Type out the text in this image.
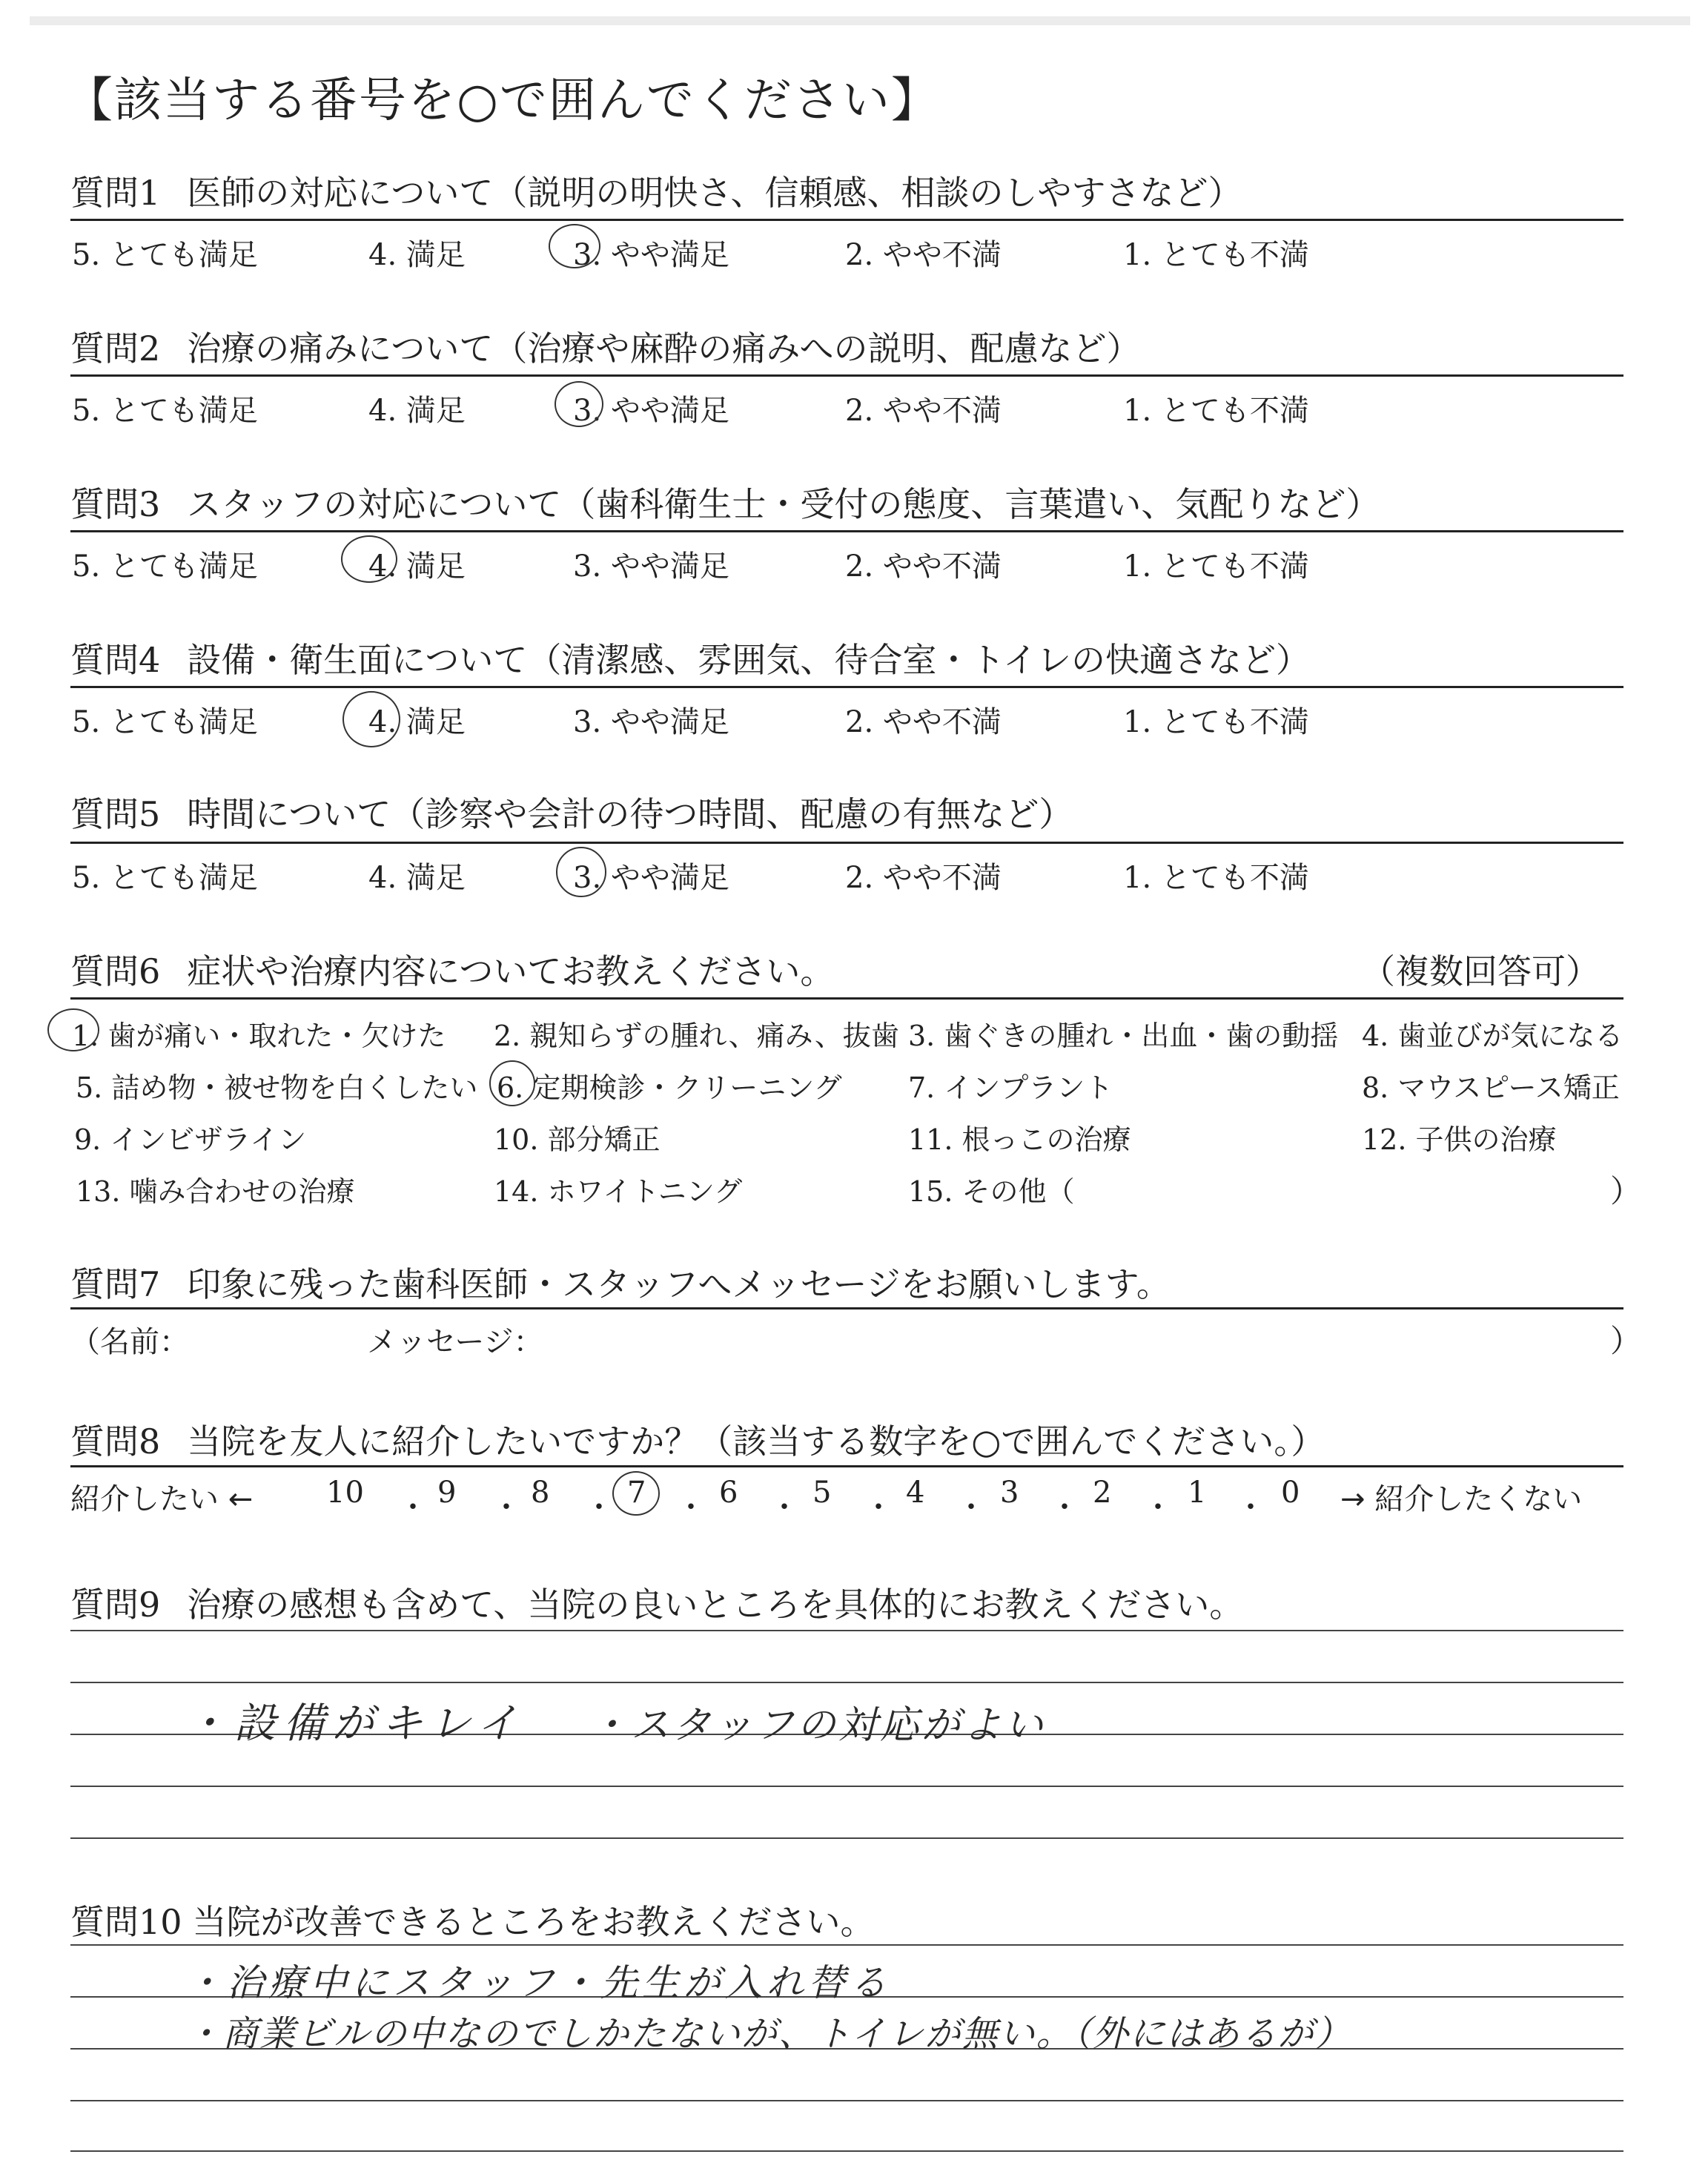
【該当する番号を○で囲んでください】
質問1 医師の対応について（説明の明快さ、信頼感、相談のしやすさなど）
5. とても満足	4. 満足	3. やや満足	2. やや不満	1. とても不満
質問2 治療の痛みについて（治療や麻酔の痛みへの説明、配慮など）
5. とても満足	4. 満足	3. やや満足	2. やや不満	1. とても不満
質問3 スタッフの対応について（歯科衛生士・受付の態度、言葉遣い、気配りなど）
5. とても満足	4. 満足	3. やや満足	2. やや不満	1. とても不満
質問4 設備・衛生面について（清潔感、雰囲気、待合室・トイレの快適さなど）
5. とても満足	4. 満足	3. やや満足	2. やや不満	1. とても不満
質問5 時間について（診察や会計の待つ時間、配慮の有無など）
5. とても満足	4. 満足	3. やや満足	2. やや不満	1. とても不満
質問6 症状や治療内容についてお教えください。	（複数回答可）
1. 歯が痛い・取れた・欠けた 2. 親知らずの腫れ、痛み、抜歯 3. 歯ぐきの腫れ・出血・歯の動揺 4. 歯並びが気になる
5. 詰め物・被せ物を白くしたい 6. 定期検診・クリーニング 7. インプラント	8. マウスピース矯正
9. インビザライン	10. 部分矯正	11. 根っこの治療	12. 子供の治療
13. 噛み合わせの治療	14. ホワイトニング	15. その他（	）
質問7 印象に残った歯科医師・スタッフへメッセージをお願いします。
（名前：	メッセージ：	）
質問8 当院を友人に紹介したいですか？（該当する数字を○で囲んでください。）
紹介したい ← 10 ・ 9 ・ 8 ・ 7 ・ 6 ・ 5 ・ 4 ・ 3 ・ 2 ・ 1 ・ 0 → 紹介したくない
質問9 治療の感想も含めて、当院の良いところを具体的にお教えください。
・設備がキレイ ・スタッフの対応がよい
質問10 当院が改善できるところをお教えください。
・治療中にスタッフ・先生が入れ替る
・商業ビルの中なのでしかたないが、トイレが無い。（外にはあるが）
